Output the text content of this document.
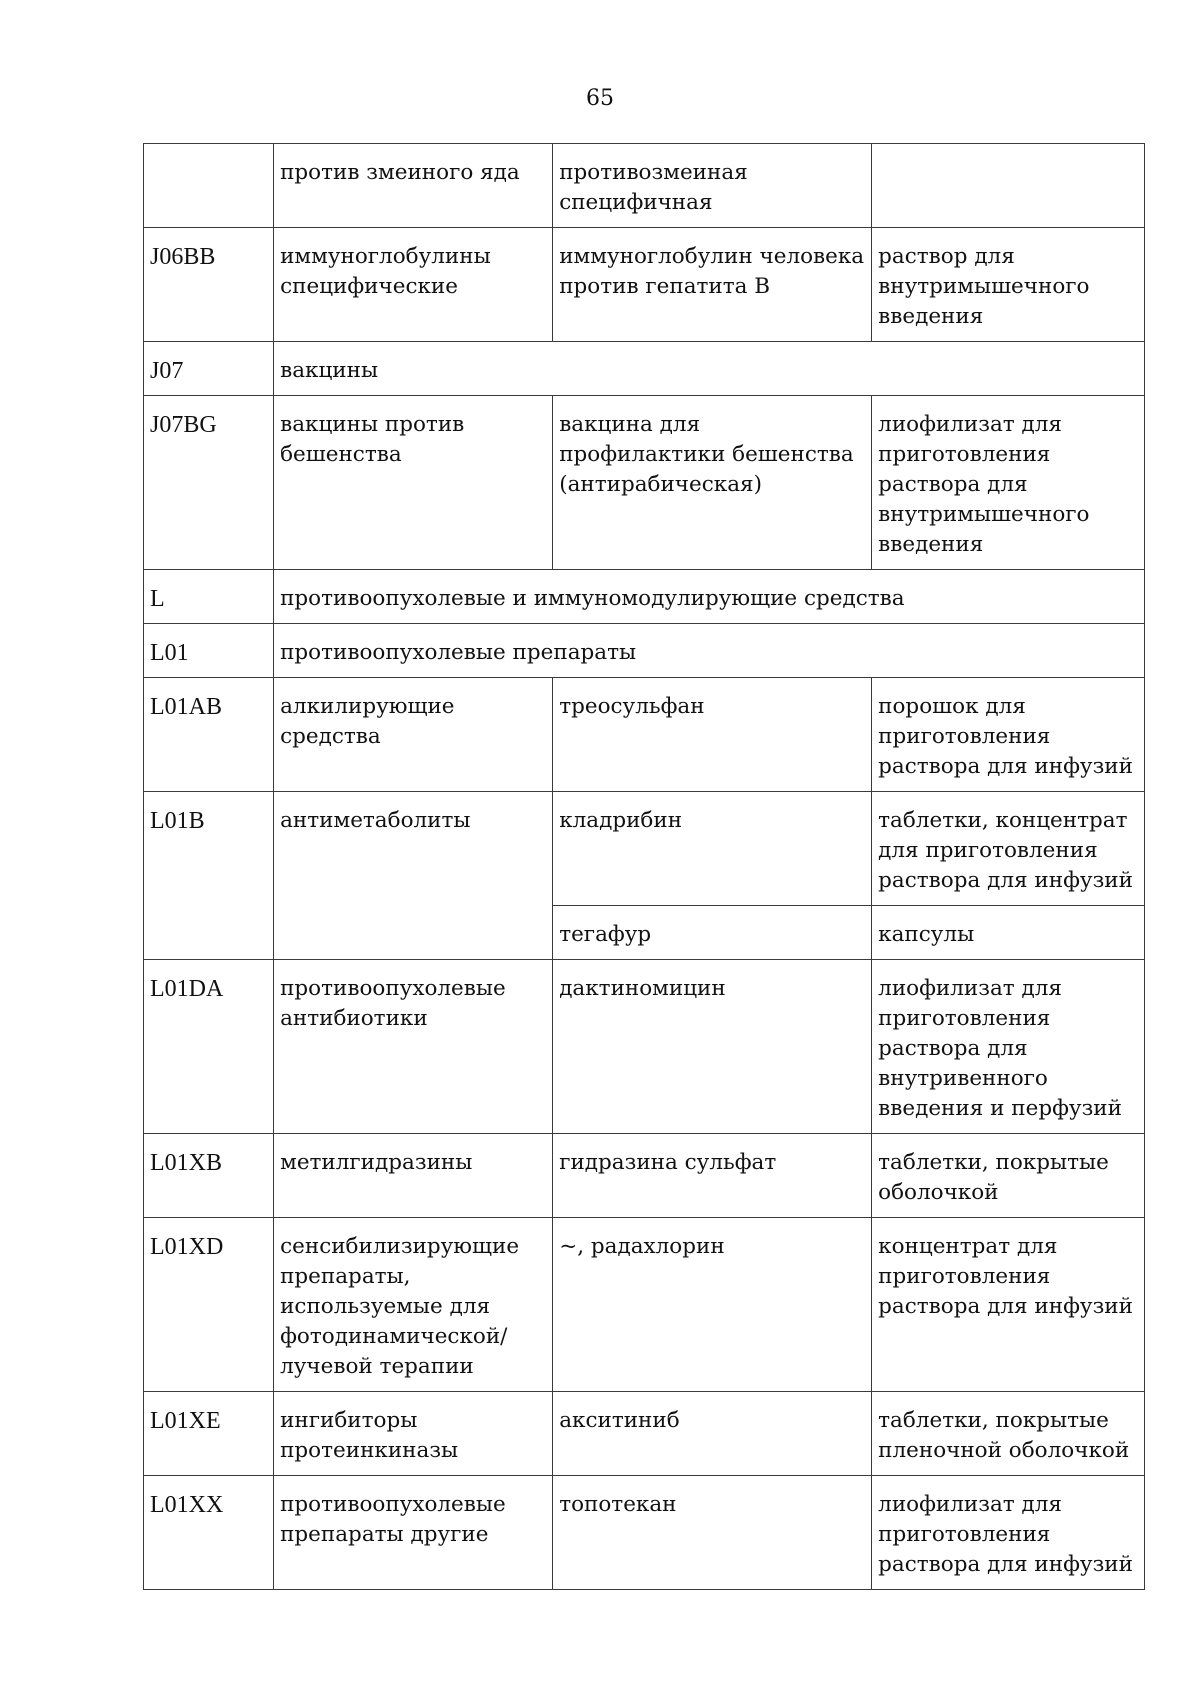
65
	против змеиного яда	противозмеиная специфичная	
J06BB	иммуноглобулины специфические	иммуноглобулин человека против гепатита В	раствор для внутримышечного введения
J07	вакцины		
J07BG	вакцины против бешенства	вакцина для профилактики бешенства (антирабическая)	лиофилизат для приготовления раствора для внутримышечного введения
L	противоопухолевые и иммуномодулирующие средства		
L01	противоопухолевые препараты		
L01AB	алкилирующие средства	треосульфан	порошок для приготовления раствора для инфузий
L01B	антиметаболиты	кладрибин	таблетки, концентрат для приготовления раствора для инфузий
		тегафур	капсулы
L01DA	противоопухолевые антибиотики	дактиномицин	лиофилизат для приготовления раствора для внутривенного введения и перфузий
L01XB	метилгидразины	гидразина сульфат	таблетки, покрытые оболочкой
L01XD	сенсибилизирующие препараты, используемые для фотодинамической/ лучевой терапии	~, радахлорин	концентрат для приготовления раствора для инфузий
L01XE	ингибиторы протеинкиназы	акситиниб	таблетки, покрытые пленочной оболочкой
L01XX	противоопухолевые препараты другие	топотекан	лиофилизат для приготовления раствора для инфузий
